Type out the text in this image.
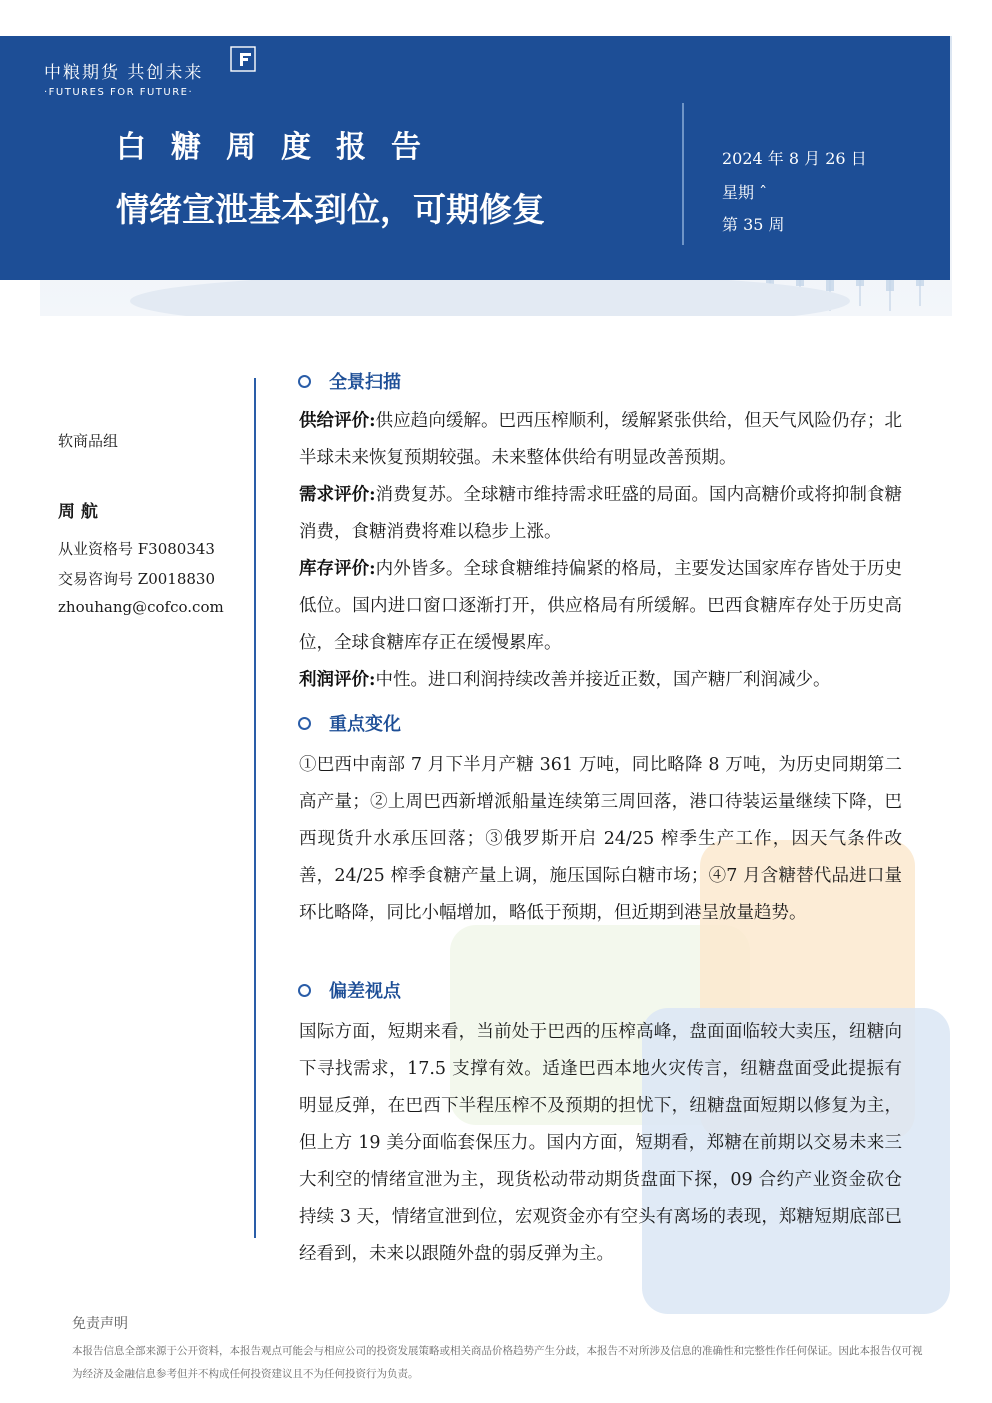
中粮期货 共创未来
·FUTURES FOR FUTURE·
白糖周度报告
情绪宣泄基本到位，可期修复
2024 年 8 月 26 日
星期 ˆ
第 35 周
软商品组
周 航
从业资格号 F3080343
交易咨询号 Z0018830
zhouhang@cofco.com
全景扫描
供给评价:供应趋向缓解。巴西压榨顺利，缓解紧张供给，但天气风险仍存；北半球未来恢复预期较强。未来整体供给有明显改善预期。
需求评价:消费复苏。全球糖市维持需求旺盛的局面。国内高糖价或将抑制食糖消费，食糖消费将难以稳步上涨。
库存评价:内外皆多。全球食糖维持偏紧的格局，主要发达国家库存皆处于历史低位。国内进口窗口逐渐打开，供应格局有所缓解。巴西食糖库存处于历史高位，全球食糖库存正在缓慢累库。
利润评价:中性。进口利润持续改善并接近正数，国产糖厂利润减少。
重点变化
①巴西中南部 7 月下半月产糖 361 万吨，同比略降 8 万吨，为历史同期第二高产量；②上周巴西新增派船量连续第三周回落，港口待装运量继续下降，巴西现货升水承压回落；③俄罗斯开启 24/25 榨季生产工作，因天气条件改善，24/25 榨季食糖产量上调，施压国际白糖市场；④7 月含糖替代品进口量环比略降，同比小幅增加，略低于预期，但近期到港呈放量趋势。
偏差视点
国际方面，短期来看，当前处于巴西的压榨高峰，盘面面临较大卖压，纽糖向下寻找需求，17.5 支撑有效。适逢巴西本地火灾传言，纽糖盘面受此提振有明显反弹，在巴西下半程压榨不及预期的担忧下，纽糖盘面短期以修复为主，但上方 19 美分面临套保压力。国内方面，短期看，郑糖在前期以交易未来三大利空的情绪宣泄为主，现货松动带动期货盘面下探，09 合约产业资金砍仓持续 3 天，情绪宣泄到位，宏观资金亦有空头有离场的表现，郑糖短期底部已经看到，未来以跟随外盘的弱反弹为主。
免责声明
本报告信息全部来源于公开资料，本报告观点可能会与相应公司的投资发展策略或相关商品价格趋势产生分歧，本报告不对所涉及信息的准确性和完整性作任何保证。因此本报告仅可视为经济及金融信息参考但并不构成任何投资建议且不为任何投资行为负责。
